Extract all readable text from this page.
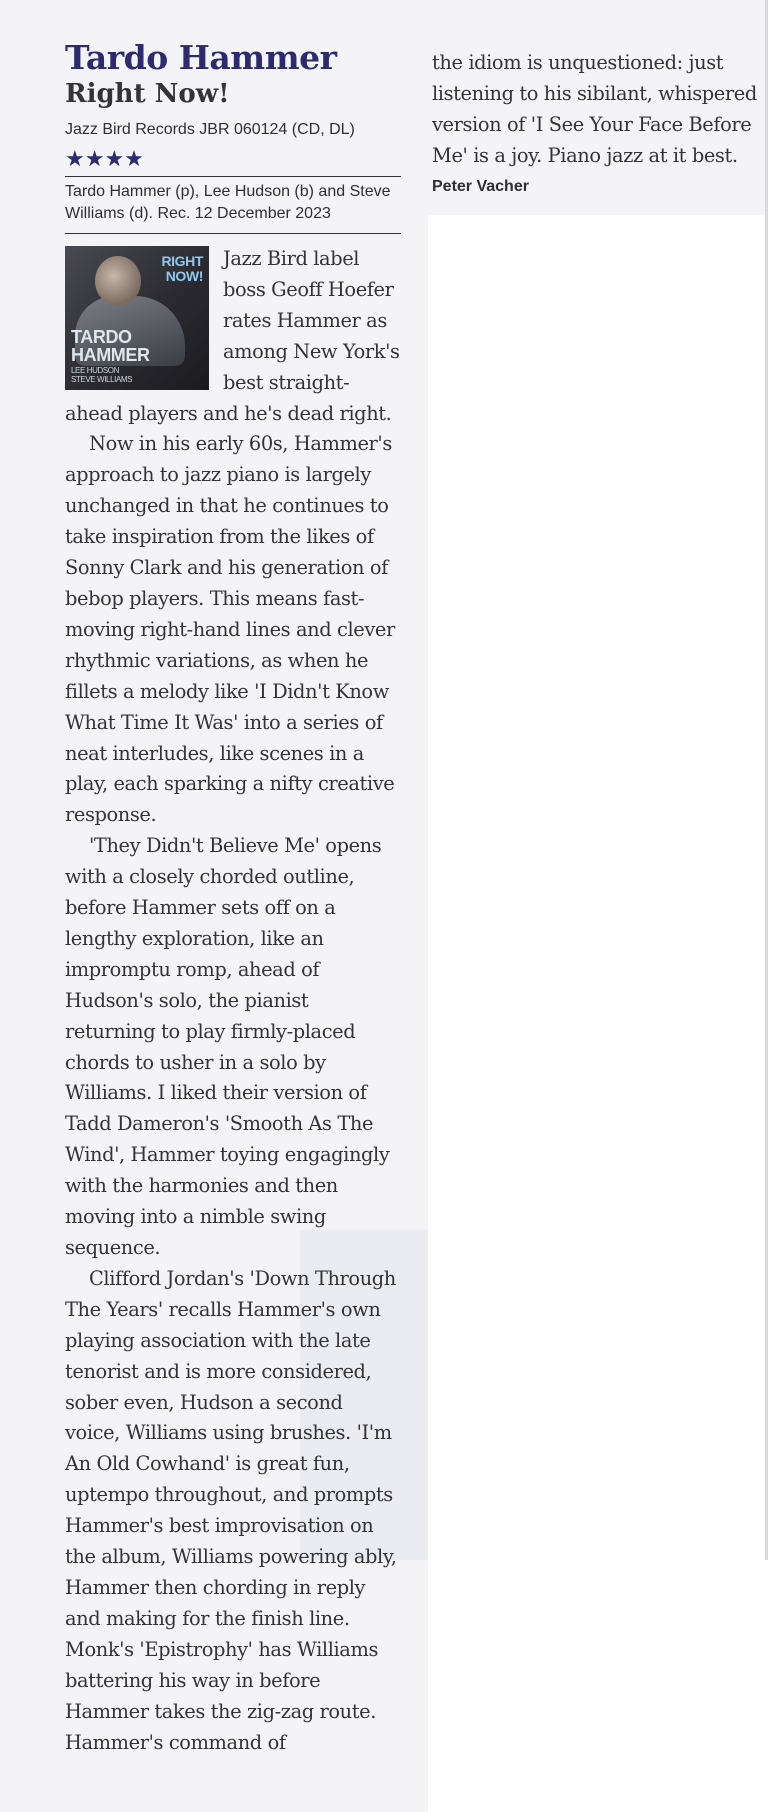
Tardo Hammer
Right Now!
Jazz Bird Records JBR 060124 (CD, DL)
★★★★
Tardo Hammer (p), Lee Hudson (b) and Steve Williams (d). Rec. 12 December 2023
RIGHT
NOW!
TARDO
HAMMER
LEE HUDSON
STEVE WILLIAMS

Jazz Bird label boss Geoff Hoefer rates Hammer as among New York's best straight-ahead players and he's dead right.

Now in his early 60s, Hammer's approach to jazz piano is largely unchanged in that he continues to take inspiration from the likes of Sonny Clark and his generation of bebop players. This means fast-moving right-hand lines and clever rhythmic variations, as when he fillets a melody like 'I Didn't Know What Time It Was' into a series of neat interludes, like scenes in a play, each sparking a nifty creative response.

'They Didn't Believe Me' opens with a closely chorded outline, before Hammer sets off on a lengthy exploration, like an impromptu romp, ahead of Hudson's solo, the pianist returning to play firmly-placed chords to usher in a solo by Williams. I liked their version of Tadd Dameron's 'Smooth As The Wind', Hammer toying engagingly with the harmonies and then moving into a nimble swing sequence.

Clifford Jordan's 'Down Through The Years' recalls Hammer's own playing association with the late tenorist and is more considered, sober even, Hudson a second voice, Williams using brushes. 'I'm An Old Cowhand' is great fun, uptempo throughout, and prompts Hammer's best improvisation on the album, Williams powering ably, Hammer then chording in reply and making for the finish line. Monk's 'Epistrophy' has Williams battering his way in before Hammer takes the zig-zag route. Hammer's command of

the idiom is unquestioned: just listening to his sibilant, whispered version of 'I See Your Face Before Me' is a joy. Piano jazz at it best.

Peter Vacher
